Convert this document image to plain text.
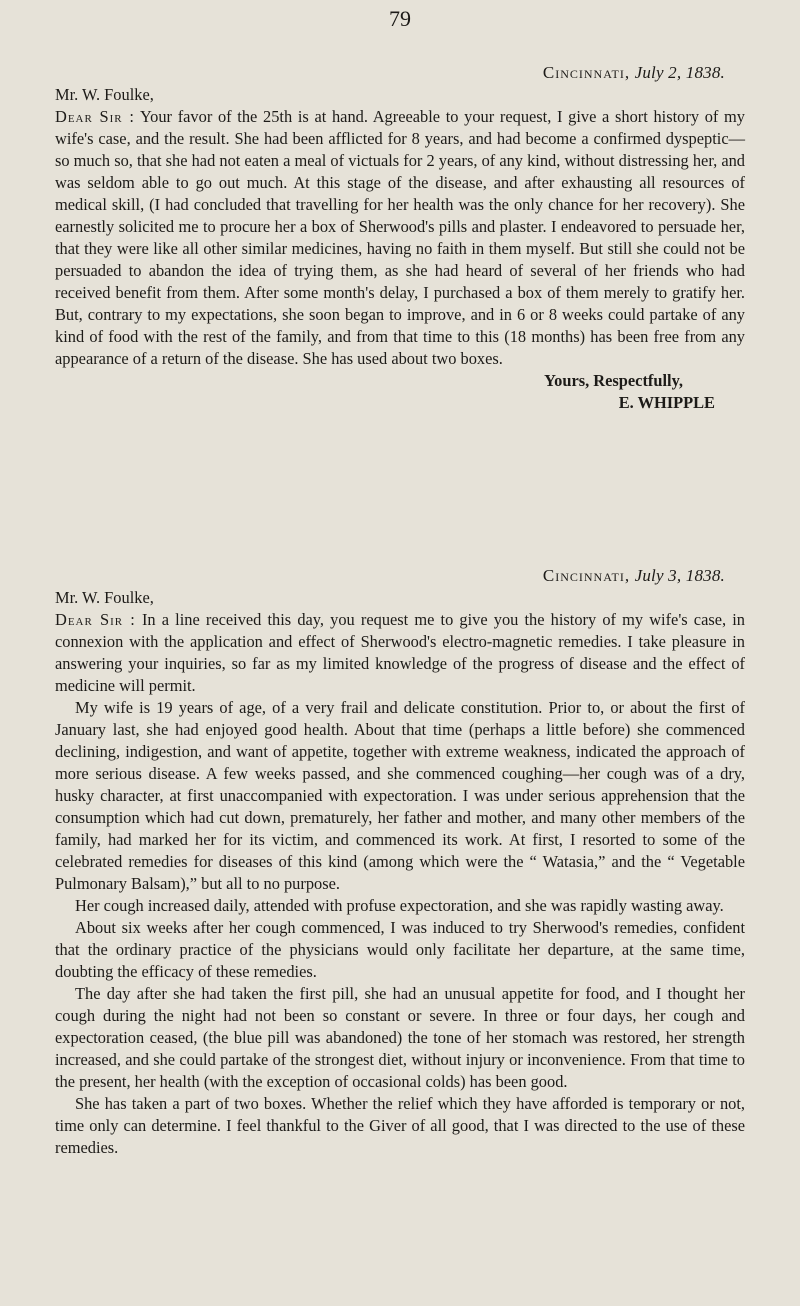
79
Cincinnati, July 2, 1838.
Mr. W. Foulke,

Dear Sir : Your favor of the 25th is at hand. Agreeable to your request, I give a short history of my wife's case, and the result. She had been afflicted for 8 years, and had become a confirmed dyspeptic—so much so, that she had not eaten a meal of victuals for 2 years, of any kind, without distressing her, and was seldom able to go out much. At this stage of the disease, and after exhausting all resources of medical skill, (I had concluded that travelling for her health was the only chance for her recovery). She earnestly solicited me to procure her a box of Sherwood's pills and plaster. I endeavored to persuade her, that they were like all other similar medicines, having no faith in them myself. But still she could not be persuaded to abandon the idea of trying them, as she had heard of several of her friends who had received benefit from them. After some month's delay, I purchased a box of them merely to gratify her. But, contrary to my expectations, she soon began to improve, and in 6 or 8 weeks could partake of any kind of food with the rest of the family, and from that time to this (18 months) has been free from any appearance of a return of the disease. She has used about two boxes.

Yours, Respectfully,
E. WHIPPLE
Cincinnati, July 3, 1838.
Mr. W. Foulke,

Dear Sir : In a line received this day, you request me to give you the history of my wife's case, in connexion with the application and effect of Sherwood's electro-magnetic remedies. I take pleasure in answering your inquiries, so far as my limited knowledge of the progress of disease and the effect of medicine will permit.

My wife is 19 years of age, of a very frail and delicate constitution. Prior to, or about the first of January last, she had enjoyed good health. About that time (perhaps a little before) she commenced declining, indigestion, and want of appetite, together with extreme weakness, indicated the approach of more serious disease. A few weeks passed, and she commenced coughing—her cough was of a dry, husky character, at first unaccompanied with expectoration. I was under serious apprehension that the consumption which had cut down, prematurely, her father and mother, and many other members of the family, had marked her for its victim, and commenced its work. At first, I resorted to some of the celebrated remedies for diseases of this kind (among which were the “ Watasia,” and the “ Vegetable Pulmonary Balsam),” but all to no purpose.

Her cough increased daily, attended with profuse expectoration, and she was rapidly wasting away.

About six weeks after her cough commenced, I was induced to try Sherwood's remedies, confident that the ordinary practice of the physicians would only facilitate her departure, at the same time, doubting the efficacy of these remedies.

The day after she had taken the first pill, she had an unusual appetite for food, and I thought her cough during the night had not been so constant or severe. In three or four days, her cough and expectoration ceased, (the blue pill was abandoned) the tone of her stomach was restored, her strength increased, and she could partake of the strongest diet, without injury or inconvenience. From that time to the present, her health (with the exception of occasional colds) has been good.

She has taken a part of two boxes. Whether the relief which they have afforded is temporary or not, time only can determine. I feel thankful to the Giver of all good, that I was directed to the use of these remedies.
